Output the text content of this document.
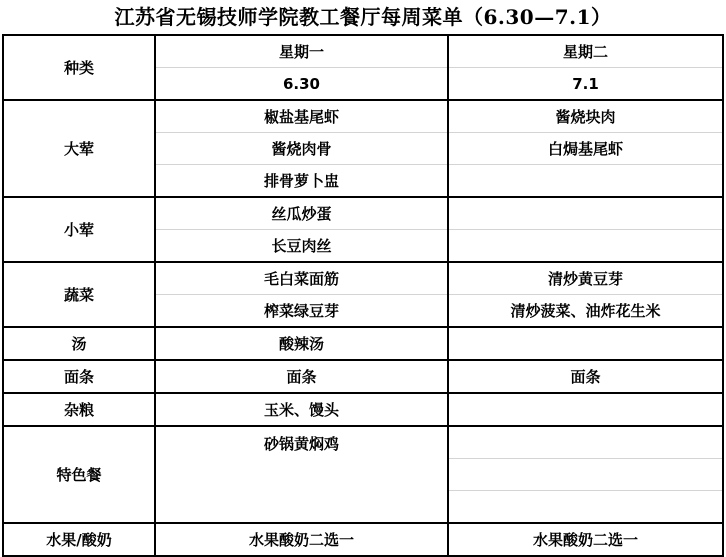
江苏省无锡技师学院教工餐厅每周菜单（6.30—7.1）
种类	星期一	星期二
	6.30	7.1
大荤	椒盐基尾虾	酱烧块肉
	酱烧肉骨	白焗基尾虾
	排骨萝卜盅	
小荤	丝瓜炒蛋	
	长豆肉丝	
蔬菜	毛白菜面筋	清炒黄豆芽
	榨菜绿豆芽	清炒菠菜、油炸花生米
汤	酸辣汤	
面条	面条	面条
杂粮	玉米、馒头	
特色餐	砂锅黄焖鸡	

水果/酸奶	水果酸奶二选一	水果酸奶二选一
